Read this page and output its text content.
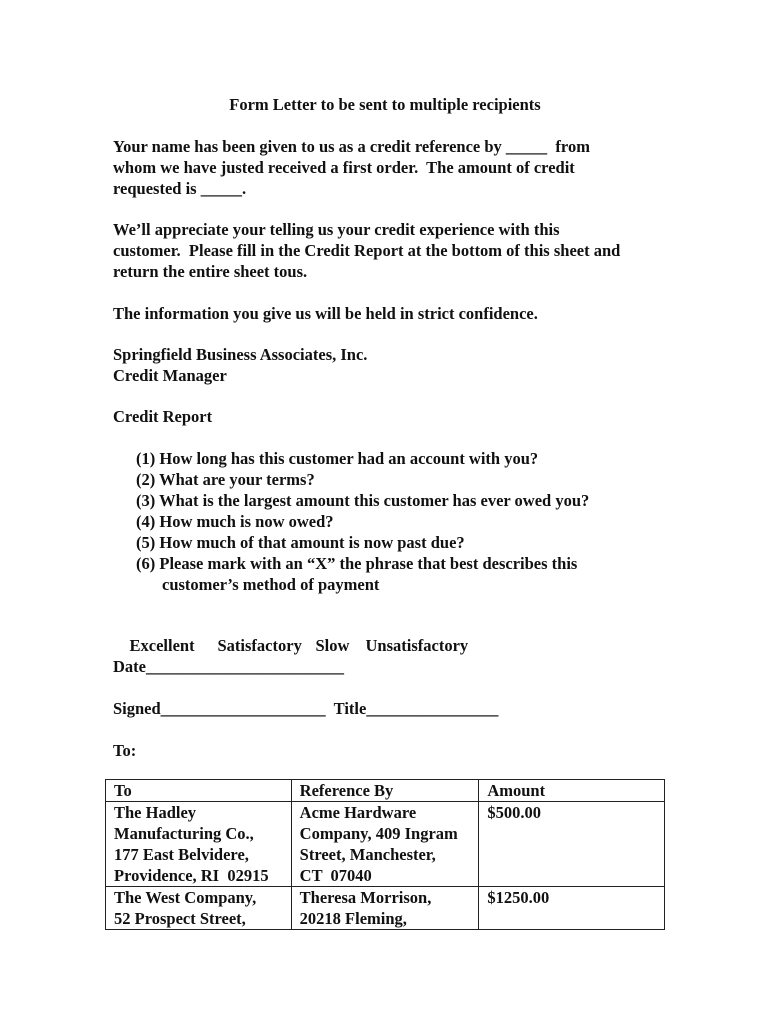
Form Letter to be sent to multiple recipients
Your name has been given to us as a credit reference by _____  from
whom we have justed received a first order.  The amount of credit
requested is _____.
We’ll appreciate your telling us your credit experience with this
customer.  Please fill in the Credit Report at the bottom of this sheet and
return the entire sheet tous.
The information you give us will be held in strict confidence.
Springfield Business Associates, Inc.
Credit Manager
Credit Report
(1) How long has this customer had an account with you?
(2) What are your terms?
(3) What is the largest amount this customer has ever owed you?
(4) How much is now owed?
(5) How much of that amount is now past due?
(6) Please mark with an “X” the phrase that best describes this
customer’s method of payment

Excellent Satisfactory Slow Unsatisfactory

Date________________________
Signed____________________  Title________________
To:
To	Reference By	Amount
The Hadley
Manufacturing Co.,
177 East Belvidere,
Providence, RI  02915	Acme Hardware
Company, 409 Ingram
Street, Manchester,
CT  07040	$500.00
The West Company,
52 Prospect Street,	Theresa Morrison,
20218 Fleming,	$1250.00
